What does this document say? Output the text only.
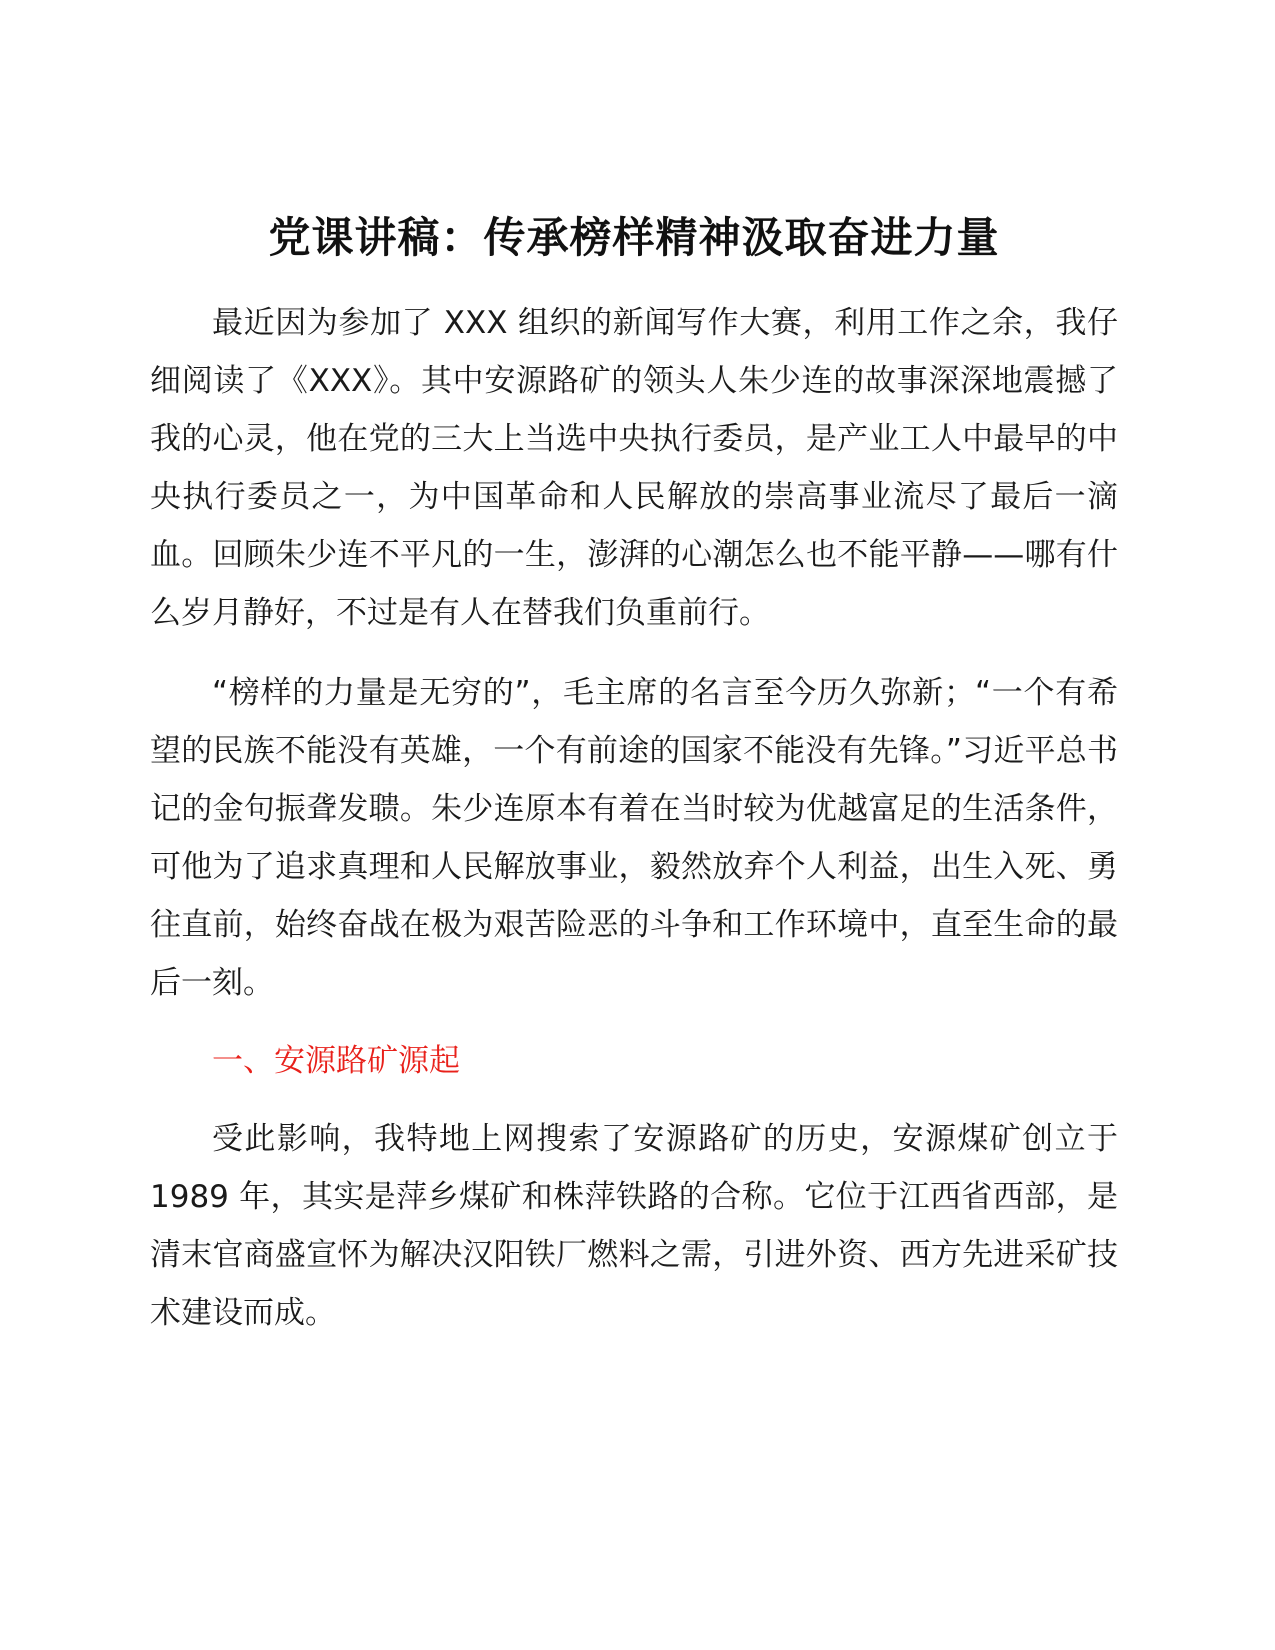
党课讲稿：传承榜样精神汲取奋进力量

最近因为参加了 XXX 组织的新闻写作大赛，利用工作之余，我仔细阅读了《XXX》。其中安源路矿的领头人朱少连的故事深深地震撼了我的心灵，他在党的三大上当选中央执行委员，是产业工人中最早的中央执行委员之一，为中国革命和人民解放的崇高事业流尽了最后一滴血。回顾朱少连不平凡的一生，澎湃的心潮怎么也不能平静——哪有什么岁月静好，不过是有人在替我们负重前行。

“榜样的力量是无穷的”，毛主席的名言至今历久弥新；“一个有希望的民族不能没有英雄，一个有前途的国家不能没有先锋。”习近平总书记的金句振聋发聩。朱少连原本有着在当时较为优越富足的生活条件，可他为了追求真理和人民解放事业，毅然放弃个人利益，出生入死、勇往直前，始终奋战在极为艰苦险恶的斗争和工作环境中，直至生命的最后一刻。

一、安源路矿源起

受此影响，我特地上网搜索了安源路矿的历史，安源煤矿创立于 1989 年，其实是萍乡煤矿和株萍铁路的合称。它位于江西省西部，是清末官商盛宣怀为解决汉阳铁厂燃料之需，引进外资、西方先进采矿技术建设而成。
